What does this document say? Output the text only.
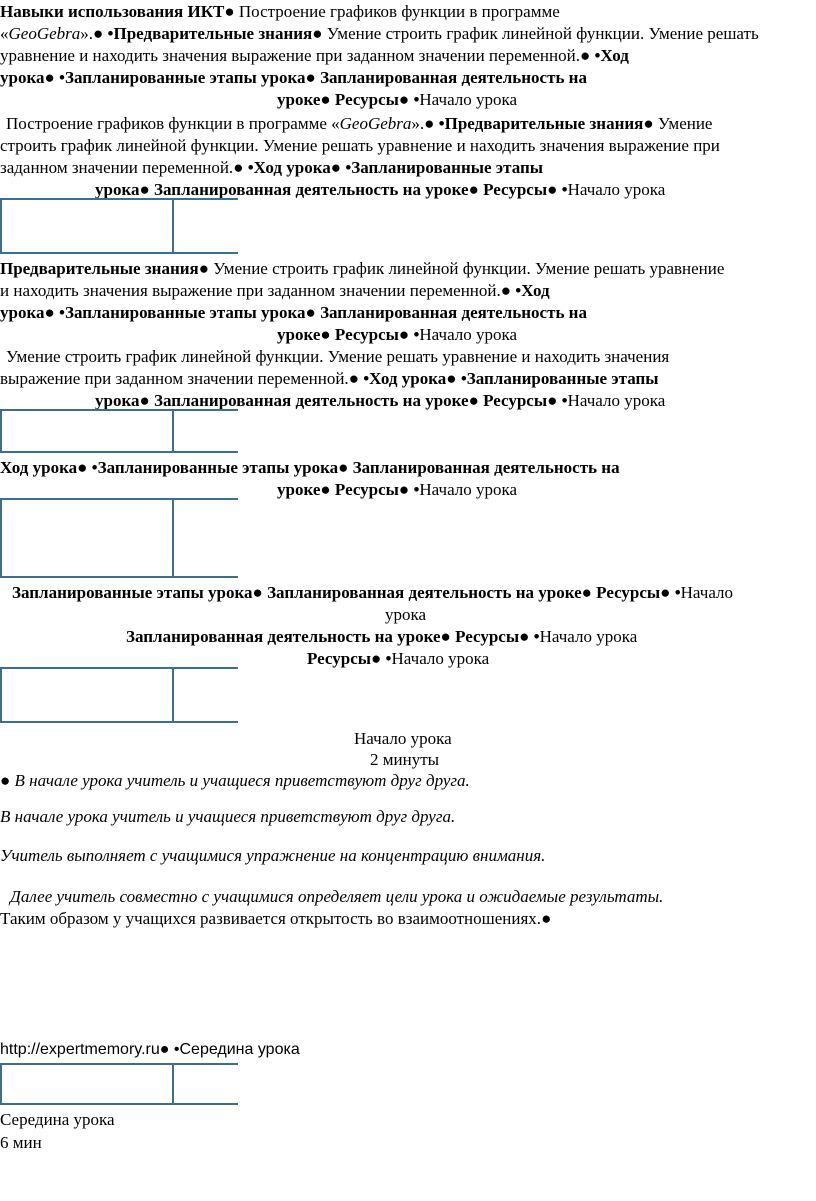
Навыки использования ИКТ● Построение графиков функции в программе
«GeoGebra».● •Предварительные знания● Умение строить график линейной функции. Умение решать
уравнение и находить значения выражение при заданном значении переменной.● •Ход
урока● •Запланированные этапы урока● Запланированная деятельность на
уроке● Ресурсы● •Начало урока
Построение графиков функции в программе «GeoGebra».● •Предварительные знания● Умение
строить график линейной функции. Умение решать уравнение и находить значения выражение при
заданном значении переменной.● •Ход урока● •Запланированные этапы
урока● Запланированная деятельность на уроке● Ресурсы● •Начало урока
Предварительные знания● Умение строить график линейной функции. Умение решать уравнение
и находить значения выражение при заданном значении переменной.● •Ход
урока● •Запланированные этапы урока● Запланированная деятельность на
уроке● Ресурсы● •Начало урока
Умение строить график линейной функции. Умение решать уравнение и находить значения
выражение при заданном значении переменной.● •Ход урока● •Запланированные этапы
урока● Запланированная деятельность на уроке● Ресурсы● •Начало урока
Ход урока● •Запланированные этапы урока● Запланированная деятельность на
уроке● Ресурсы● •Начало урока
Запланированные этапы урока● Запланированная деятельность на уроке● Ресурсы● •Начало
урока
Запланированная деятельность на уроке● Ресурсы● •Начало урока
Ресурсы● •Начало урока
Начало урока
2 минуты
● В начале урока учитель и учащиеся приветствуют друг друга.
В начале урока учитель и учащиеся приветствуют друг друга.
Учитель выполняет с учащимися упражнение на концентрацию внимания.
Далее учитель совместно с учащимися определяет цели урока и ожидаемые результаты.
Таким образом у учащихся развивается открытость во взаимоотношениях.●
http://expertmemory.ru● •Середина урока
Середина урока
6 мин
